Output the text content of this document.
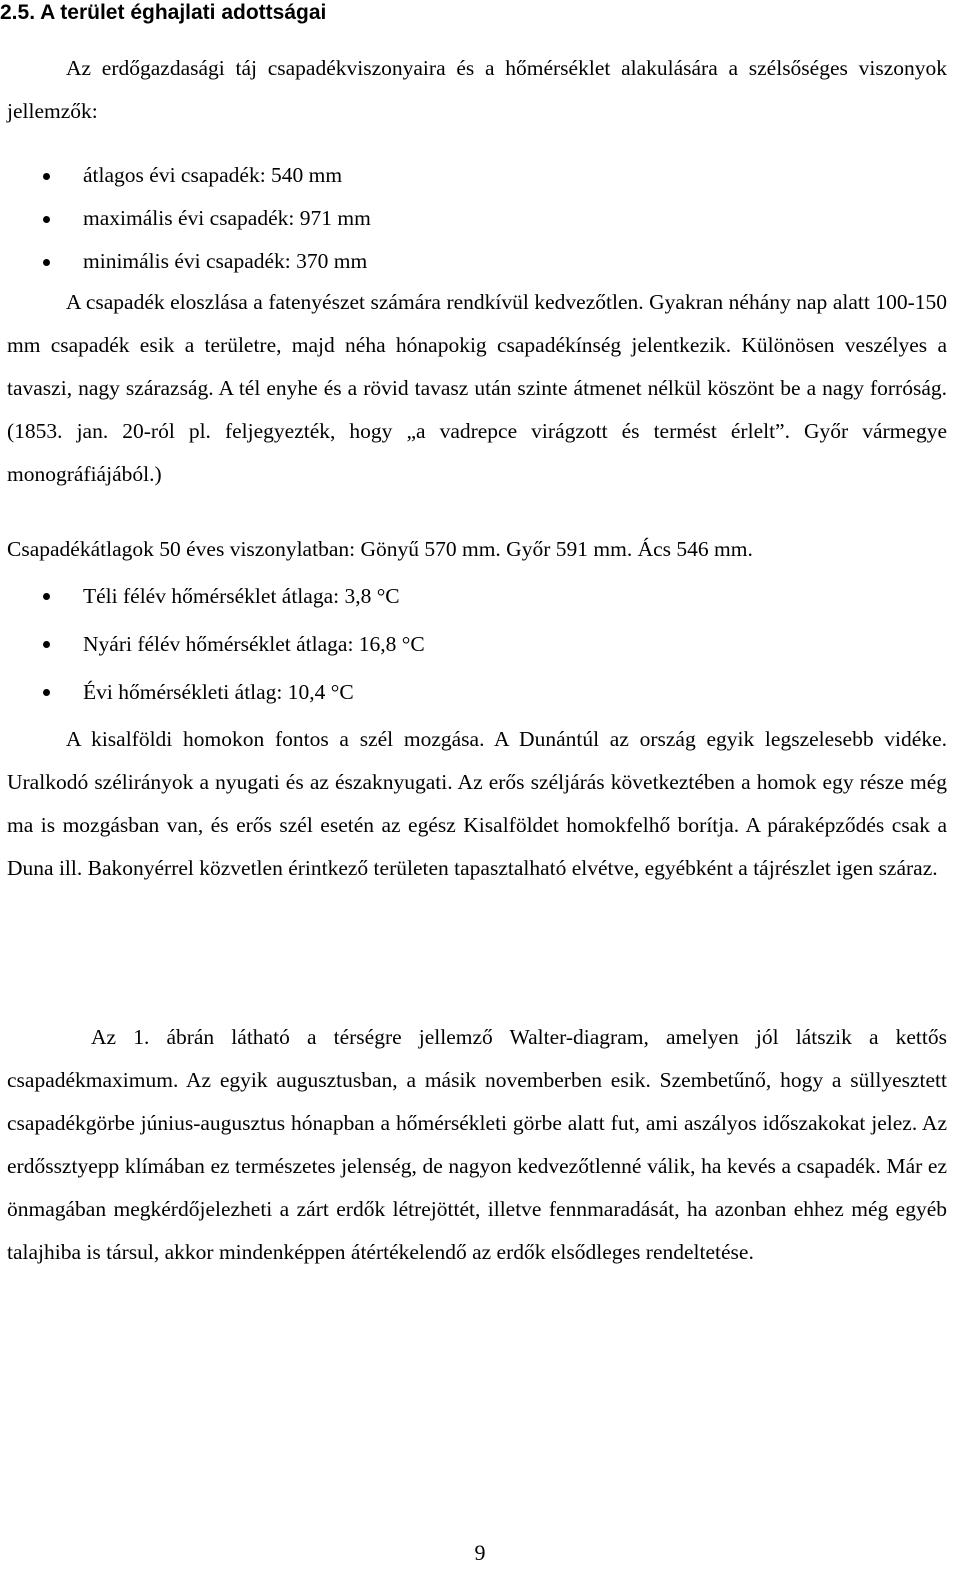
2.5. A terület éghajlati adottságai

Az erdőgazdasági táj csapadékviszonyaira és a hőmérséklet alakulására a szélsőséges viszonyok jellemzők:

átlagos évi csapadék: 540 mm
maximális évi csapadék: 971 mm
minimális évi csapadék: 370 mm

A csapadék eloszlása a fatenyészet számára rendkívül kedvezőtlen. Gyakran néhány nap alatt 100-150 mm csapadék esik a területre, majd néha hónapokig csapadékínség jelentkezik. Különösen veszélyes a tavaszi, nagy szárazság. A tél enyhe és a rövid tavasz után szinte átmenet nélkül köszönt be a nagy forróság. (1853. jan. 20-ról pl. feljegyezték, hogy „a vadrepce virágzott és termést érlelt”. Győr vármegye monográfiájából.)

Csapadékátlagok 50 éves viszonylatban: Gönyű 570 mm. Győr 591 mm. Ács 546 mm.
Téli félév hőmérséklet átlaga: 3,8 °C
Nyári félév hőmérséklet átlaga: 16,8 °C
Évi hőmérsékleti átlag: 10,4 °C

A kisalföldi homokon fontos a szél mozgása. A Dunántúl az ország egyik legszelesebb vidéke. Uralkodó szélirányok a nyugati és az északnyugati. Az erős széljárás következtében a homok egy része még ma is mozgásban van, és erős szél esetén az egész Kisalföldet homokfelhő borítja. A páraképződés csak a Duna ill. Bakonyérrel közvetlen érintkező területen tapasztalható elvétve, egyébként a tájrészlet igen száraz.

Az 1. ábrán látható a térségre jellemző Walter-diagram, amelyen jól látszik a kettős csapadékmaximum. Az egyik augusztusban, a másik novemberben esik. Szembetűnő, hogy a süllyesztett csapadékgörbe június-augusztus hónapban a hőmérsékleti görbe alatt fut, ami aszályos időszakokat jelez. Az erdőssztyepp klímában ez természetes jelenség, de nagyon kedvezőtlenné válik, ha kevés a csapadék. Már ez önmagában megkérdőjelezheti a zárt erdők létrejöttét, illetve fennmaradását, ha azonban ehhez még egyéb talajhiba is társul, akkor mindenképpen átértékelendő az erdők elsődleges rendeltetése.

9
